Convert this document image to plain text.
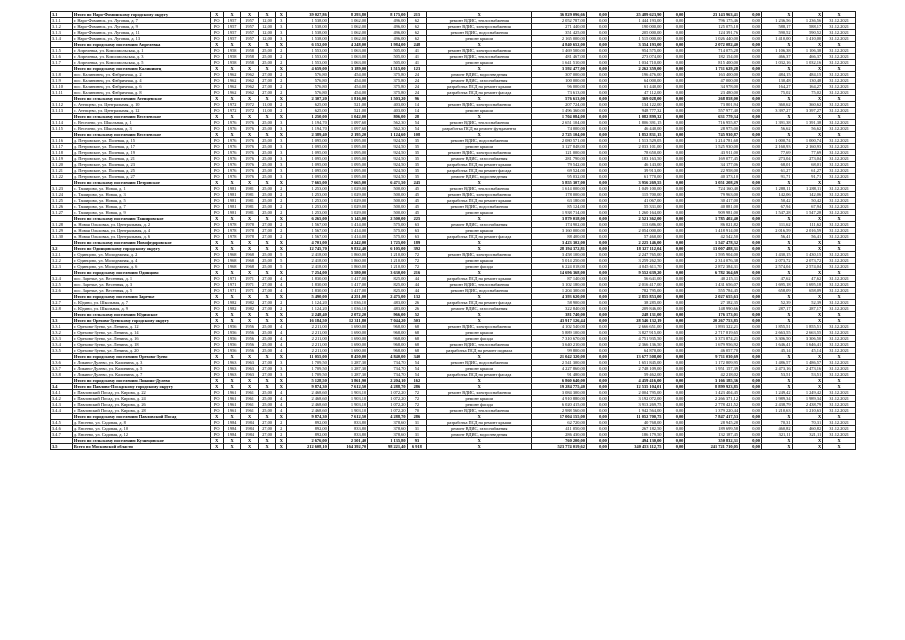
3.1	Итого по Наро-Фоминскому городскому округу	X	X	X	X	X	39 027,86	8 293,80	8 175,00	215	X	36 829 096,66	0,00	25 489 623,90	0,00	23 143 963,41	0,00	X	X	X
3.1.1	г. Наро-Фоминск, ул. Луговая, д. 7	РО	1957	1957	12,00	3	1 538,00	1 062,00	496,00	62	ремонт ВДИС, теплоснабжения	2 052 787,00	0,00	1 444 193,00	0,00	796 175,46	0,00	1 236,56	1 236,56	31.12.2021
3.1.2	г. Наро-Фоминск, ул. Луговая, д. 9	РО	1957	1957	12,00	3	1 538,00	1 062,00	496,00	62	ремонт ВДИС, электроснабжения	271 440,00	0,00	190 000,00	0,00	125 075,18	0,00	588,17	588,17	31.12.2021
3.1.3	г. Наро-Фоминск, ул. Луговая, д. 11	РО	1957	1957	12,00	3	1 538,00	1 062,00	496,00	62	ремонт ВДИС, водоснабжения	351 425,00	0,00	205 000,00	0,00	124 391,76	0,00	590,52	590,52	31.12.2021
3.1.4	г. Наро-Фоминск, ул. Луговая, д. 13	РО	1957	1957	12,00	3	1 538,00	1 062,00	496,00	62	ремонт крыши	2 165 000,00	0,00	1 515 000,00	0,00	1 026 440,00	0,00	1 410,00	1 410,00	31.12.2021
	Итого по городскому поселению Апрелевка	X	X	X	X	X	6 152,00	4 248,00	1 984,00	248	X	4 840 652,00	0,00	3 354 193,00	0,00	2 072 082,40	0,00	X	X	X
3.1.5	г. Апрелевка, ул. Комсомольская, д. 1	РО	1958	1958	25,00	2	1 553,00	1 063,00	505,00	41	ремонт ВДИС, электроснабжения	1 469 500,00	0,00	954 575,00	0,00	714 075,28	0,00	1 106,38	1 106,38	31.12.2021
3.1.6	г. Апрелевка, ул. Комсомольская, д. 3	РО	1958	1958	25,00	2	1 553,00	1 063,00	505,00	41	ремонт ВДИС, теплоснабжения	481 467,00	0,00	273 074,00	0,00	182 154,00	0,00	466,37	466,37	31.12.2021
3.1.7	г. Апрелевка, ул. Комсомольская, д. 5	РО	1958	1958	25,00	2	1 553,00	1 063,00	505,00	41	ремонт крыши	1 641 510,00	0,00	1 034 710,00	0,00	815 400,00	0,00	1 032,16	1 032,16	31.12.2021
	Итого по городскому поселению Калининец	X	X	X	X	X	4 659,00	3 189,00	1 515,00	123	X	3 592 477,00	0,00	2 262 359,00	0,00	1 711 629,28	0,00	X	X	X
3.1.8	пос. Калининец, ул. Фабричная, д. 2	РО	1962	1962	27,00	2	576,80	454,00	375,80	24	ремонт ВДИС, водоотведения	307 000,00	0,00	196 476,00	0,00	163 400,00	0,00	484,15	484,15	31.12.2021
3.1.9	пос. Калининец, ул. Фабричная, д. 4	РО	1962	1962	27,00	2	576,80	454,00	375,80	24	ремонт ВДИС, газоснабжения	100 000,00	0,00	64 000,00	0,00	47 000,00	0,00	130,48	130,48	31.12.2021
3.1.10	пос. Калининец, ул. Фабричная, д. 6	РО	1962	1962	27,00	2	576,80	454,00	375,80	24	разработка ПСД на ремонт крыши	96 000,00	0,00	61 440,00	0,00	34 978,00	0,00	164,27	164,27	31.12.2021
3.1.11	пос. Калининец, ул. Фабричная, д. 8	РО	1962	1962	27,00	2	576,80	454,00	375,80	24	разработка ПСД на ремонт фасада	73 613,00	0,00	47 112,00	0,00	23 480,00	0,00	75,02	75,02	31.12.2021
	Итого по сельскому поселению Атепцевское	X	X	X	X	X	2 307,20	1 816,00	1 503,20	96	X	576 613,00	0,00	369 028,00	0,00	268 858,00	0,00	X	X	X
3.1.12	с. Атепцево, ул. Центральная, д. 10	РО	1972	1972	11,00	2	625,00	521,00	403,00	14	ремонт ВДИС, электроснабжения	207 724,00	0,00	134 122,00	0,00	73 801,94	0,00	360,62	360,62	31.12.2021
3.1.13	с. Атепцево, ул. Центральная, д. 12	РО	1972	1972	11,00	2	625,00	521,00	403,00	14	ремонт крыши	1 496 360,00	0,00	948 777,32	0,00	557 977,40	0,00	3 397,27	3 397,27	31.12.2021
	Итого по сельскому поселению Веселевское	X	X	X	X	X	1 250,00	1 042,00	806,00	28	X	1 704 084,00	0,00	1 082 899,32	0,00	631 779,34	0,00	X	X	X
3.1.14	с. Веселево, ул. Школьная, д. 1	РО	1976	1976	25,00	3	1 194,70	1 097,60	562,30	54	ремонт ВДИС, теплоснабжения	2 651 104,00	0,00	1 806 391,15	0,00	716 955,87	0,00	1 391,38	1 391,38	31.12.2021
3.1.15	с. Веселево, ул. Школьная, д. 3	РО	1976	1976	25,00	3	1 194,70	1 097,60	562,30	54	разработка ПСД на ремонт фундамента	74 000,00	0,00	46 440,00	0,00	28 975,00	0,00	56,62	56,62	31.12.2021
	Итого по сельскому поселению Веселевское	X	X	X	X	X	2 389,40	2 195,20	1 124,60	108	X	2 725 104,00	0,00	1 852 831,15	0,00	745 930,87	0,00	X	X	X
3.1.16	д. Петровское, ул. Полевая, д. 15	РО	1976	1976	25,00	3	1 095,00	1 095,00	924,50	35	ремонт ВДИС, водоснабжения	2 080 571,00	0,00	1 513 529,05	0,00	1 214 781,68	0,00	1 000,74	1 000,74	31.12.2021
3.1.17	д. Петровское, ул. Полевая, д. 17	РО	1976	1976	25,00	3	1 095,00	1 095,00	924,50	35	ремонт крыши	3 127 848,00	0,00	2 033 101,00	0,00	1 525 930,00	0,00	2 160,93	2 160,93	31.12.2021
3.1.18	д. Петровское, ул. Полевая, д. 19	РО	1976	1976	25,00	3	1 095,00	1 095,00	924,50	35	ремонт ВДИС, электроснабжения	121 000,00	0,00	78 650,00	0,00	43 911,00	0,00	77,69	77,69	31.12.2021
3.1.19	д. Петровское, ул. Полевая, д. 21	РО	1976	1976	25,00	3	1 095,00	1 095,00	924,50	35	ремонт ВДИС, газоснабжения	281 790,00	0,00	183 163,50	0,00	169 077,45	0,00	273,04	273,04	31.12.2021
3.1.20	д. Петровское, ул. Полевая, д. 23	РО	1976	1976	25,00	3	1 095,00	1 095,00	924,50	35	разработка ПСД на ремонт крыши	79 542,00	0,00	46 143,00	0,00	34 177,06	0,00	68,01	68,01	31.12.2021
3.1.21	д. Петровское, ул. Полевая, д. 25	РО	1976	1976	25,00	3	1 095,00	1 095,00	924,50	35	разработка ПСД на ремонт фасада	69 524,00	0,00	39 913,00	0,00	22 958,00	0,00	61,27	61,27	31.12.2021
3.1.22	д. Петровское, ул. Полевая, д. 27	РО	1976	1976	25,00	3	1 095,00	1 095,00	924,50	35	ремонт ВДИС, водоотведения	95 032,00	0,00	61 770,00	0,00	40 373,10	0,00	91,71	91,71	31.12.2021
	Итого по сельскому поселению Петровское	X	X	X	X	X	7 665,00	7 665,00	6 471,50	245	X	5 855 307,00	0,00	3 956 269,55	0,00	3 051 208,29	0,00	X	X	X
3.1.23	с. Таширово, ул. Новая, д. 1	РО	1981	1981	25,00	2	1 253,00	1 029,00	500,00	45	ремонт ВДИС, теплоснабжения	1 614 000,00	0,00	1 049 100,00	0,00	724 160,40	0,00	1 288,11	1 288,11	31.12.2021
3.1.24	с. Таширово, ул. Новая, д. 3	РО	1981	1981	25,00	2	1 253,00	1 029,00	500,00	45	ремонт ВДИС, электроснабжения	178 000,00	0,00	115 700,00	0,00	79 963,00	0,00	142,06	142,06	31.12.2021
3.1.25	с. Таширово, ул. Новая, д. 5	РО	1981	1981	25,00	2	1 253,00	1 029,00	500,00	45	разработка ПСД на ремонт крыши	63 180,00	0,00	41 067,00	0,00	30 417,00	0,00	50,42	50,42	31.12.2021
3.1.26	с. Таширово, ул. Новая, д. 7	РО	1981	1981	25,00	2	1 253,00	1 029,00	500,00	45	ремонт ВДИС, водоснабжения	85 124,00	0,00	55 331,00	0,00	40 881,00	0,00	67,94	67,94	31.12.2021
3.1.27	с. Таширово, ул. Новая, д. 9	РО	1981	1981	25,00	2	1 253,00	1 029,00	500,00	45	ремонт крыши	1 938 714,00	0,00	1 260 164,00	0,00	909 981,00	0,00	1 547,28	1 547,28	31.12.2021
	Итого по сельскому поселению Ташировское	X	X	X	X	X	6 265,00	5 145,00	2 500,00	225	X	3 879 018,00	0,00	2 521 362,00	0,00	1 785 402,40	0,00	X	X	X
3.1.28	п. Новая Ольховка, ул. Центральная, д. 2	РО	1978	1978	27,00	2	1 567,00	1 414,00	575,00	63	ремонт ВДИС, газоснабжения	174 902,00	0,00	113 686,00	0,00	86 021,82	0,00	111,62	111,62	31.12.2021
3.1.29	п. Новая Ольховка, ул. Центральная, д. 4	РО	1978	1978	27,00	2	1 567,00	1 414,00	575,00	63	ремонт крыши	3 160 000,00	0,00	2 054 000,00	0,00	1 418 914,00	0,00	2 016,59	2 016,59	31.12.2021
3.1.30	п. Новая Ольховка, ул. Центральная, д. 6	РО	1978	1978	27,00	2	1 567,00	1 414,00	575,00	63	разработка ПСД на ремонт фасада	88 400,00	0,00	57 460,00	0,00	42 542,50	0,00	56,41	56,41	31.12.2021
	Итого по сельскому поселению Новофедоровское	X	X	X	X	X	4 701,00	4 242,00	1 725,00	189	X	3 423 302,00	0,00	2 225 146,00	0,00	1 547 478,32	0,00	X	X	X
3.2	Итого по Одинцовскому городскому округу	X	X	X	X	X	12 745,70	9 832,40	6 105,00	392	X	28 194 372,81	0,00	18 327 112,04	0,00	13 007 488,31	0,00	X	X	X
3.2.1	г. Одинцово, ул. Молодежная, д. 2	РО	1968	1968	25,00	5	2 418,00	1 860,00	1 210,00	72	ремонт ВДИС, электроснабжения	3 458 100,00	0,00	2 247 765,00	0,00	1 595 904,00	0,00	1 430,15	1 430,15	31.12.2021
3.2.2	г. Одинцово, ул. Молодежная, д. 4	РО	1968	1968	25,00	5	2 418,00	1 860,00	1 210,00	72	ремонт крыши	5 014 250,00	0,00	3 259 262,50	0,00	2 314 076,38	0,00	2 073,72	2 073,72	31.12.2021
3.2.3	г. Одинцово, ул. Молодежная, д. 6	РО	1968	1968	25,00	5	2 418,00	1 860,00	1 210,00	72	ремонт фасада	6 224 018,00	0,00	4 045 611,70	0,00	2 872 384,31	0,00	2 574,04	2 574,04	31.12.2021
	Итого по городскому поселению Одинцово	X	X	X	X	X	7 254,00	5 580,00	3 630,00	216	X	14 696 368,00	0,00	9 552 639,20	0,00	6 782 364,69	0,00	X	X	X
3.2.4	пос. Заречье, ул. Весенняя, д. 1	РО	1971	1971	27,00	4	1 830,00	1 417,00	825,00	44	разработка ПСД на ремонт крыши	87 140,00	0,00	56 641,00	0,00	40 215,11	0,00	47,62	47,62	31.12.2021
3.2.5	пос. Заречье, ул. Весенняя, д. 3	РО	1971	1971	27,00	4	1 830,00	1 417,00	825,00	44	ремонт ВДИС, теплоснабжения	3 102 180,00	0,00	2 016 417,00	0,00	1 431 656,07	0,00	1 695,18	1 695,18	31.12.2021
3.2.6	пос. Заречье, ул. Весенняя, д. 5	РО	1971	1971	27,00	4	1 830,00	1 417,00	825,00	44	ремонт ВДИС, водоснабжения	1 204 300,00	0,00	782 795,00	0,00	555 784,45	0,00	658,09	658,09	31.12.2021
	Итого по городскому поселению Заречье	X	X	X	X	X	5 490,00	4 251,00	2 475,00	132	X	4 393 620,00	0,00	2 855 853,00	0,00	2 027 655,63	0,00	X	X	X
3.2.7	с. Юдино, ул. Школьная, д. 7	РО	1982	1982	27,00	2	1 124,20	1 036,10	483,00	26	разработка ПСД на ремонт фасада	58 900,00	0,00	38 285,00	0,00	27 182,35	0,00	52,39	52,39	31.12.2021
3.2.8	с. Юдино, ул. Школьная, д. 9	РО	1982	1982	27,00	2	1 124,20	1 036,10	483,00	26	ремонт ВДИС, газоснабжения	322 840,00	0,00	209 846,00	0,00	148 990,66	0,00	287,17	287,17	31.12.2021
	Итого по сельскому поселению Юдинское	X	X	X	X	X	2 248,40	2 072,20	966,00	52	X	381 740,00	0,00	248 131,00	0,00	176 173,01	0,00	X	X	X
3.3	Итого по Орехово-Зуевскому городскому округу	X	X	X	X	X	16 184,50	12 311,80	7 044,20	503	X	43 917 126,44	0,00	28 546 132,19	0,00	20 267 753,85	0,00	X	X	X
3.3.1	г. Орехово-Зуево, ул. Ленина, д. 12	РО	1956	1956	25,00	4	2 211,00	1 690,00	968,00	68	ремонт ВДИС, электроснабжения	4 102 540,00	0,00	2 666 651,00	0,00	1 893 322,21	0,00	1 855,51	1 855,51	31.12.2021
3.3.2	г. Орехово-Зуево, ул. Ленина, д. 14	РО	1956	1956	25,00	4	2 211,00	1 690,00	968,00	68	ремонт крыши	5 889 100,00	0,00	3 827 915,00	0,00	2 717 819,65	0,00	2 663,55	2 663,55	31.12.2021
3.3.3	г. Орехово-Зуево, ул. Ленина, д. 16	РО	1956	1956	25,00	4	2 211,00	1 690,00	968,00	68	ремонт фасада	7 310 670,00	0,00	4 751 935,50	0,00	3 373 874,21	0,00	3 306,50	3 306,50	31.12.2021
3.3.4	г. Орехово-Зуево, ул. Ленина, д. 18	РО	1956	1956	25,00	4	2 211,00	1 690,00	968,00	68	ремонт ВДИС, теплоснабжения	3 640 210,00	0,00	2 366 136,50	0,00	1 679 956,92	0,00	1 646,41	1 646,41	31.12.2021
3.3.5	г. Орехово-Зуево, ул. Ленина, д. 20	РО	1956	1956	25,00	4	2 211,00	1 690,00	968,00	68	разработка ПСД на ремонт подвала	99 800,00	0,00	64 870,00	0,00	46 057,70	0,00	45,14	45,14	31.12.2021
	Итого по городскому поселению Орехово-Зуево	X	X	X	X	X	11 055,00	8 450,00	4 840,00	340	X	21 042 320,00	0,00	13 677 508,00	0,00	9 711 030,69	0,00	X	X	X
3.3.6	г. Ликино-Дулево, ул. Калинина, д. 3	РО	1963	1963	27,00	3	1 709,50	1 287,30	734,70	54	ремонт ВДИС, водоснабжения	2 541 300,00	0,00	1 651 845,00	0,00	1 172 809,95	0,00	1 486,57	1 486,57	31.12.2021
3.3.7	г. Ликино-Дулево, ул. Калинина, д. 5	РО	1963	1963	27,00	3	1 709,50	1 287,30	734,70	54	ремонт крыши	4 227 860,00	0,00	2 748 109,00	0,00	1 951 157,39	0,00	2 473,16	2 473,16	31.12.2021
3.3.8	г. Ликино-Дулево, ул. Калинина, д. 7	РО	1963	1963	27,00	3	1 709,50	1 287,30	734,70	54	разработка ПСД на ремонт фасада	91 480,00	0,00	59 462,00	0,00	42 218,02	0,00	53,51	53,51	31.12.2021
	Итого по городскому поселению Ликино-Дулево	X	X	X	X	X	5 128,50	3 861,90	2 204,10	162	X	6 860 640,00	0,00	4 459 416,00	0,00	3 166 185,36	0,00	X	X	X
3.4	Итого по Павлово-Посадскому городскому округу	X	X	X	X	X	9 874,30	7 612,50	4 288,70	286	X	19 284 775,40	0,00	12 535 104,01	0,00	8 899 923,85	0,00	X	X	X
3.4.1	г. Павловский Посад, ул. Кирова, д. 22	РО	1961	1961	25,00	4	2 468,60	1 903,10	1 072,20	72	ремонт ВДИС, электроснабжения	3 084 300,00	0,00	2 004 795,00	0,00	1 423 404,45	0,00	1 249,42	1 249,42	31.12.2021
3.4.2	г. Павловский Посад, ул. Кирова, д. 24	РО	1961	1961	25,00	4	2 468,60	1 903,10	1 072,20	72	ремонт крыши	4 910 880,00	0,00	3 192 072,00	0,00	2 266 371,12	0,00	1 989,34	1 989,34	31.12.2021
3.4.3	г. Павловский Посад, ул. Кирова, д. 26	РО	1961	1961	25,00	4	2 468,60	1 903,10	1 072,20	72	ремонт фасада	6 020 415,00	0,00	3 913 269,75	0,00	2 778 421,52	0,00	2 438,79	2 438,79	31.12.2021
3.4.4	г. Павловский Посад, ул. Кирова, д. 28	РО	1961	1961	25,00	4	2 468,60	1 903,10	1 072,20	70	ремонт ВДИС, теплоснабжения	2 988 560,00	0,00	1 942 564,00	0,00	1 379 220,44	0,00	1 210,63	1 210,63	31.12.2021
	Итого по городскому поселению Павловский Посад	X	X	X	X	X	9 874,30	7 612,50	4 288,70	286	X	17 004 155,00	0,00	11 052 700,75	0,00	7 847 417,53	0,00	X	X	X
3.4.5	д. Евсеево, ул. Садовая, д. 8	РО	1984	1984	27,00	2	892,00	833,80	378,60	31	разработка ПСД на ремонт крыши	62 720,00	0,00	40 768,00	0,00	28 945,28	0,00	70,31	70,31	31.12.2021
3.4.6	д. Евсеево, ул. Садовая, д. 10	РО	1984	1984	27,00	2	892,00	833,80	378,60	31	ремонт ВДИС, газоснабжения	411 050,00	0,00	267 182,50	0,00	189 699,58	0,00	460,82	460,82	31.12.2021
3.4.7	д. Евсеево, ул. Садовая, д. 12	РО	1984	1984	27,00	2	892,00	833,80	378,60	31	ремонт ВДИС, водоотведения	286 430,00	0,00	186 179,50	0,00	132 187,45	0,00	321,11	321,11	31.12.2021
	Итого по сельскому поселению Кузнецовское	X	X	X	X	X	2 676,00	2 501,40	1 135,80	93	X	760 200,00	0,00	494 130,00	0,00	350 832,31	0,00	X	X	X
3.5	Всего по Московской области	X	X	X	X	X	212 608,10	164 392,70	98 221,40	6 918	X	523 774 019,62	0,00	340 453 112,75	0,00	241 721 710,05	0,00	X	X	X
